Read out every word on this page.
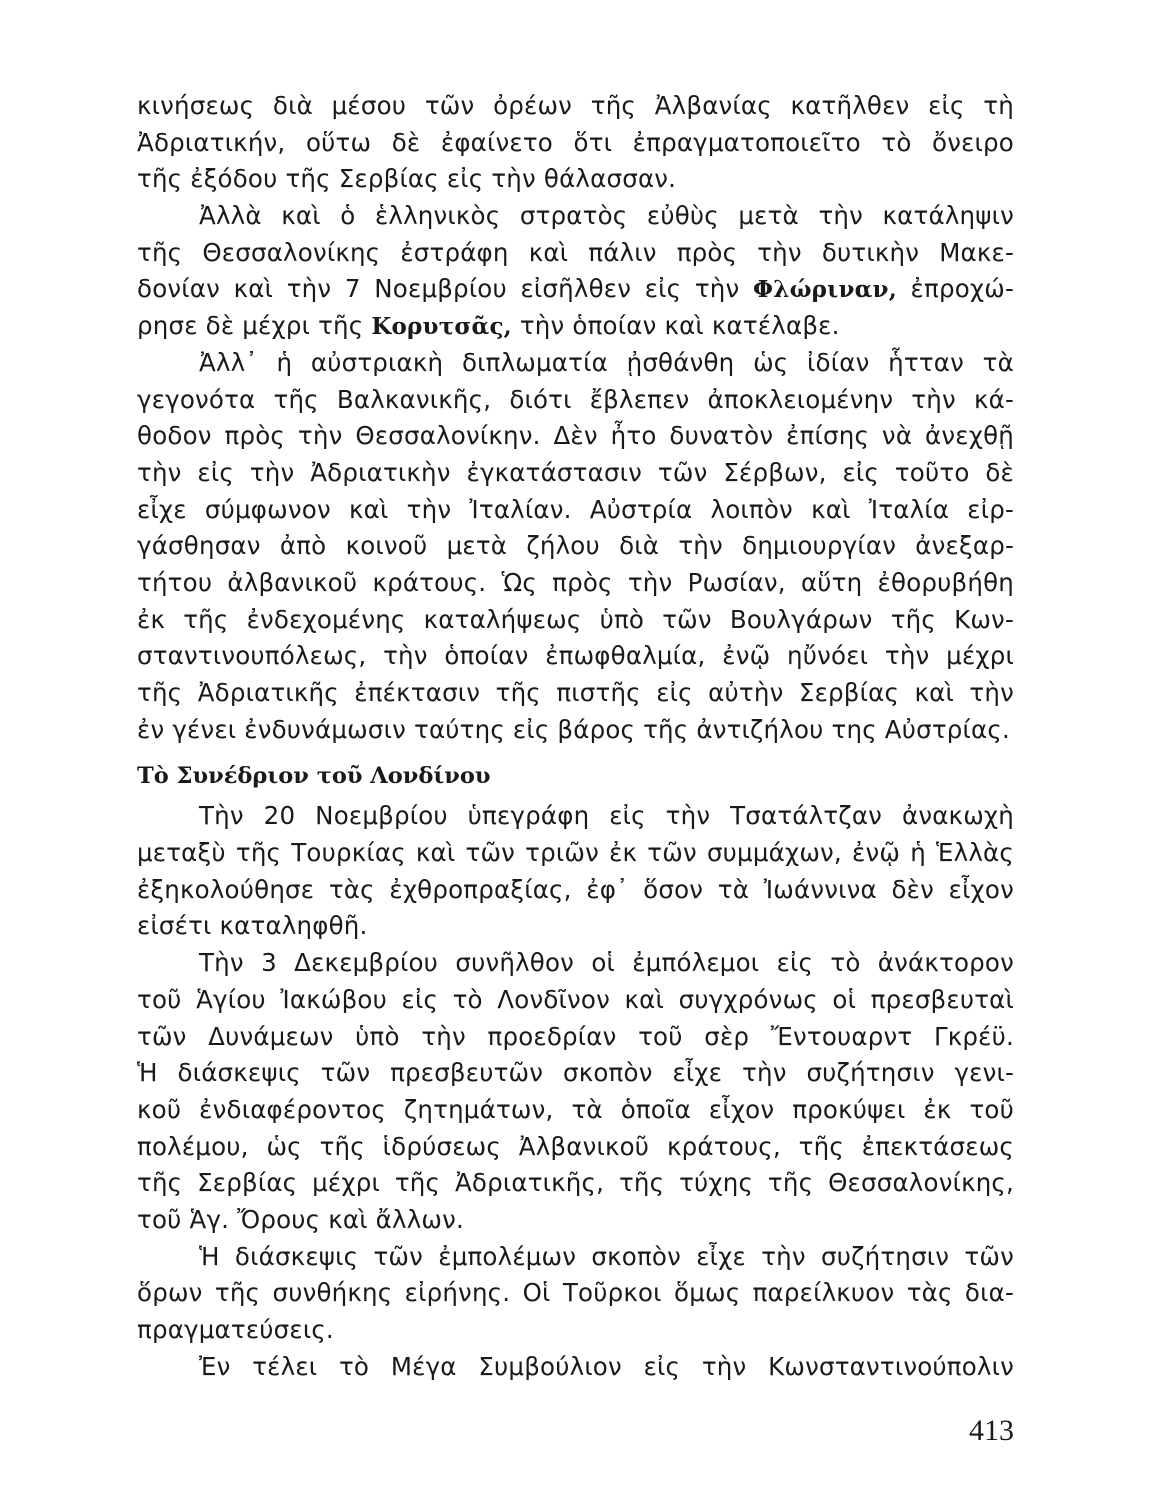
κινήσεως διὰ μέσου τῶν ὀρέων τῆς Ἀλβανίας κατῆλθεν εἰς τὴ
Ἀδριατικήν, οὕτω δὲ ἐφαίνετο ὅτι ἐπραγματοποιεῖτο τὸ ὄνειρο
τῆς ἐξόδου τῆς Σερβίας εἰς τὴν θάλασσαν.
Ἀλλὰ καὶ ὁ ἑλληνικὸς στρατὸς εὐθὺς μετὰ τὴν κατάληψιν
τῆς Θεσσαλονίκης ἐστράφη καὶ πάλιν πρὸς τὴν δυτικὴν Μακε-
δονίαν καὶ τὴν 7 Νοεμβρίου εἰσῆλθεν εἰς τὴν Φλώριναν, ἐπροχώ-
ρησε δὲ μέχρι τῆς Κορυτσᾶς, τὴν ὁποίαν καὶ κατέλαβε.
Ἀλλ᾽ ἡ αὐστριακὴ διπλωματία ᾐσθάνθη ὡς ἰδίαν ἧτταν τὰ
γεγονότα τῆς Βαλκανικῆς, διότι ἔβλεπεν ἀποκλειομένην τὴν κά-
θοδον πρὸς τὴν Θεσσαλονίκην. Δὲν ἦτο δυνατὸν ἐπίσης νὰ ἀνεχθῇ
τὴν εἰς τὴν Ἀδριατικὴν ἐγκατάστασιν τῶν Σέρβων, εἰς τοῦτο δὲ
εἶχε σύμφωνον καὶ τὴν Ἰταλίαν. Αὐστρία λοιπὸν καὶ Ἰταλία εἰρ-
γάσθησαν ἀπὸ κοινοῦ μετὰ ζήλου διὰ τὴν δημιουργίαν ἀνεξαρ-
τήτου ἀλβανικοῦ κράτους. Ὡς πρὸς τὴν Ρωσίαν, αὕτη ἐθορυβήθη
ἐκ τῆς ἐνδεχομένης καταλήψεως ὑπὸ τῶν Βουλγάρων τῆς Κων-
σταντινουπόλεως, τὴν ὁποίαν ἐπωφθαλμία, ἐνῷ ηὔνόει τὴν μέχρι
τῆς Ἀδριατικῆς ἐπέκτασιν τῆς πιστῆς εἰς αὐτὴν Σερβίας καὶ τὴν
ἐν γένει ἐνδυνάμωσιν ταύτης εἰς βάρος τῆς ἀντιζήλου της Αὐστρίας.
Τὸ Συνέδριον τοῦ Λονδίνου
Τὴν 20 Νοεμβρίου ὑπεγράφη εἰς τὴν Τσατάλτζαν ἀνακωχὴ
μεταξὺ τῆς Τουρκίας καὶ τῶν τριῶν ἐκ τῶν συμμάχων, ἐνῷ ἡ Ἑλλὰς
ἐξηκολούθησε τὰς ἐχθροπραξίας, ἐφ᾽ ὅσον τὰ Ἰωάννινα δὲν εἶχον
εἰσέτι καταληφθῆ.
Τὴν 3 Δεκεμβρίου συνῆλθον οἱ ἐμπόλεμοι εἰς τὸ ἀνάκτορον
τοῦ Ἁγίου Ἰακώβου εἰς τὸ Λονδῖνον καὶ συγχρόνως οἱ πρεσβευταὶ
τῶν Δυνάμεων ὑπὸ τὴν προεδρίαν τοῦ σὲρ Ἔντουαρντ Γκρέϋ.
Ἡ διάσκεψις τῶν πρεσβευτῶν σκοπὸν εἶχε τὴν συζήτησιν γενι-
κοῦ ἐνδιαφέροντος ζητημάτων, τὰ ὁποῖα εἶχον προκύψει ἐκ τοῦ
πολέμου, ὡς τῆς ἱδρύσεως Ἀλβανικοῦ κράτους, τῆς ἐπεκτάσεως
τῆς Σερβίας μέχρι τῆς Ἀδριατικῆς, τῆς τύχης τῆς Θεσσαλονίκης,
τοῦ Ἁγ. Ὄρους καὶ ἄλλων.
Ἡ διάσκεψις τῶν ἐμπολέμων σκοπὸν εἶχε τὴν συζήτησιν τῶν
ὅρων τῆς συνθήκης εἰρήνης. Οἱ Τοῦρκοι ὅμως παρείλκυον τὰς δια-
πραγματεύσεις.
Ἐν τέλει τὸ Μέγα Συμβούλιον εἰς τὴν Κωνσταντινούπολιν
413
